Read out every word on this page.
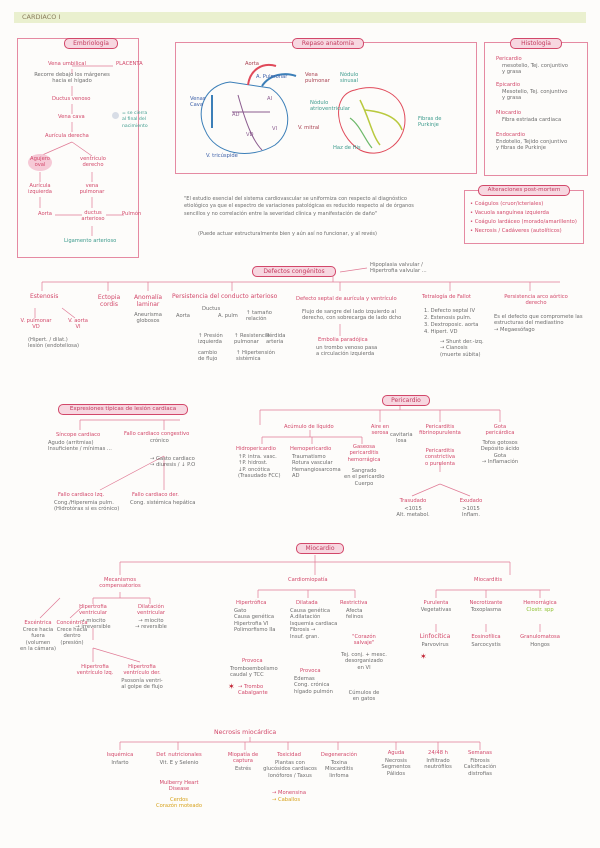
CARDIACO I
Embriología
Vena umbilical	PLACENTA
Recorre debajo los márgenes
hacia el hígado
Ductus venoso
= se cierra
al final del
nacimiento
Vena cava
Aurícula derecha
Agujero
oval
ventrículo
derecho
Aurícula
izquierda
vena
pulmonar
Aorta	ductus
arterioso
Pulmón
Ligamento arterioso
Repaso anatomía
Aorta
A. Pulmonar
Venas
Cava
AI
AD
VI
VD
V. mitral
V. tricúspide
Vena
pulmonar
Nódulo
sinusal
Nódulo
atrioventricular
Haz de His
Fibras de
Purkinje
Histología
Pericardio
mesotelio, Tej. conjuntivo
y grasa
Epicardio
Mesotelio, Tej. conjuntivo
y grasa
Miocardio
Fibra estriada cardiaca
Endocardio
Endotelio, Tejido conjuntivo
y fibras de Purkinje
"El estudio esencial del sistema cardiovascular se uniformiza con respecto al diagnóstico
etiológico ya que el espectro de variaciones patológicas es reducido respecto al de órganos
sencillos y no correlación entre la severidad clínica y manifestación de daño"
(Puede actuar estructuralmente bien y aún así no funcionar, y al revés)
Alteraciones post-mortem
• Coágulos (cruor/icteriales)
• Vacuola sanguínea izquierda
• Coágulo lardáceo (morado/amarillento)
• Necrosis / Cadáveres (autolíticos)
Defectos congénitos
Hipoplasia valvular /
Hipertrofia valvular ...
Estenosis
V. pulmonar
VD
V. aorta
VI
(Hipert. / dilat.)
lesión (endoteliosa)
Ectopia
cordis
Anomalía
laminar
Aneurisma
globosos
Persistencia del conducto arterioso
Aorta
Ductus
A. pulm ↑ tamaño
relación
↑ Presión
izquierda
↑ Resistencia
pulmonar
cambio
de flujo
↑ Hipertensión
sistémica
Pérdida
arteria
Defecto septal de aurícula y ventrículo
Flujo de sangre del lado izquierdo al
derecho, con sobrecarga de lado dcho
Embolia paradójica
un trombo venoso pasa
a circulación izquierda
Tetralogía de Fallot
1. Defecto septal IV
2. Estenosis pulm.
3. Dextroposic. aorta
4. Hipert. VD
→ Shunt der.-izq.
→ Cianosis
(muerte súbita)
Persistencia arco aórtico
derecho
Es el defecto que compromete las
estructuras del mediastino
→ Megaesófago
Expresiones típicas de lesión cardiaca
Síncope cardiaco
Agudo (arritmias)
Insuficiente / mínimas ...
Fallo cardiaco congestivo
crónico
→ Gasto cardiaco
→ diuresis / ↓ P.O
Fallo cardiaco Izq.
Cong./Hiperemia pulm.
(Hidrotórax si es crónico)
Fallo cardiaco der.
Cong. sistémica hepática
Pericardio
Acúmulo de líquido
Hidropericardio
↑P. intra. vasc.
↑P. hidrost.
↓P. oncótica
(Trasudado FCC)
Hemopericardio
Traumatismo
Rotura vascular
Hemangiosarcoma
AD
Gaseosa
pericarditis
hemorrágica
Sangrado
en el pericardio
Cuerpo
Aire en
serosa cavitaria
losa
Pericarditis
fibrinopurulenta
Pericarditis
constrictiva
o purulenta
Trasudado
<1015
Alt. metabol.
Exudado
>1015
Inflam.
Gota
pericárdica
Tofos gotosos
Depósito ácido
Gota
→ Inflamación
Miocardio
Mecanismos
compensatorios
Hipertrofia
ventricular
→ miocito
→ irreversible
Dilatación
ventricular
→ miocito
→ reversible
Excéntrica
Crece hacia
fuera
(volumen
en la cámara)
Concéntrica
Crece hacia
dentro
(presión)
Hipertrofia
ventrículo Izq.
Hipertrofia
ventrículo der.
Psosonía ventri-
al golpe de flujo
Cardiomiopatía
Hipertrófica
Gato
Causa genética
Hipertrofia VI
Polimorfismo IIa
Provoca
Tromboembolismo
caudal y TCC
✶ → Trombo
Cabalgante
Dilatada
Causa genética
A.dilatación
Isquemia cardiaca
Fibrosis →
Insuf. gran.
Provoca
Edemas
Cong. crónica
hígado pulmón
Restrictiva
Afecta
felinos
"Corazón
salvaje"
Tej. conj. + mesc.
desorganizado
en VI
Cúmulos de
en gatos
Miocarditis
Purulenta
Vegetativas
Necrotizante
Toxoplasma
Hemorrágica
Clostr. spp
Linfocítica
Parvovirus
✶
Eosinofílica
Sarcocystis
Granulomatosa
Hongos
Necrosis miocárdica
Isquémica
Infarto
Def. nutricionales
Vit. E y Selenio
Mulberry Heart
Disease
Cerdos
Corazón moteado
Miopatía de
captura
Estrés
Toxicidad
Plantas con
glucósidos cardiacos
Ionóforos / Taxus
→ Monensina
→ Caballos
Degeneración
Toxina
Miocarditis
linfoma
Aguda
Necrosis
Segmentos
Pálidos
24/48 h
Infiltrado
neutrófilos
Semanas
Fibrosis
Calcificación
distrofias
